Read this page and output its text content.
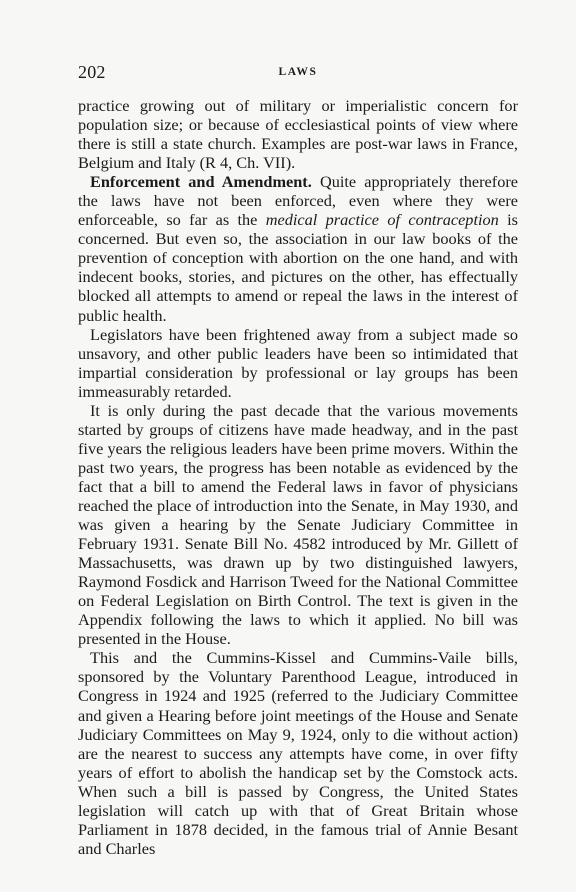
202	LAWS

practice growing out of military or imperialistic concern for population size; or because of ecclesiastical points of view where there is still a state church. Examples are post-war laws in France, Belgium and Italy (R 4, Ch. VII).

Enforcement and Amendment. Quite appropriately therefore the laws have not been enforced, even where they were enforceable, so far as the medical practice of contraception is concerned. But even so, the association in our law books of the prevention of conception with abortion on the one hand, and with indecent books, stories, and pictures on the other, has effectually blocked all attempts to amend or repeal the laws in the interest of public health.

Legislators have been frightened away from a subject made so unsavory, and other public leaders have been so intimidated that impartial consideration by professional or lay groups has been immeasurably retarded.

It is only during the past decade that the various movements started by groups of citizens have made headway, and in the past five years the religious leaders have been prime movers. Within the past two years, the progress has been notable as evidenced by the fact that a bill to amend the Federal laws in favor of physicians reached the place of introduction into the Senate, in May 1930, and was given a hearing by the Senate Judiciary Committee in February 1931. Senate Bill No. 4582 introduced by Mr. Gillett of Massachusetts, was drawn up by two distinguished lawyers, Raymond Fosdick and Harrison Tweed for the National Committee on Federal Legislation on Birth Control. The text is given in the Appendix following the laws to which it applied. No bill was presented in the House.

This and the Cummins-Kissel and Cummins-Vaile bills, sponsored by the Voluntary Parenthood League, introduced in Congress in 1924 and 1925 (referred to the Judiciary Committee and given a Hearing before joint meetings of the House and Senate Judiciary Committees on May 9, 1924, only to die without action) are the nearest to success any attempts have come, in over fifty years of effort to abolish the handicap set by the Comstock acts. When such a bill is passed by Congress, the United States legislation will catch up with that of Great Britain whose Parliament in 1878 decided, in the famous trial of Annie Besant and Charles
